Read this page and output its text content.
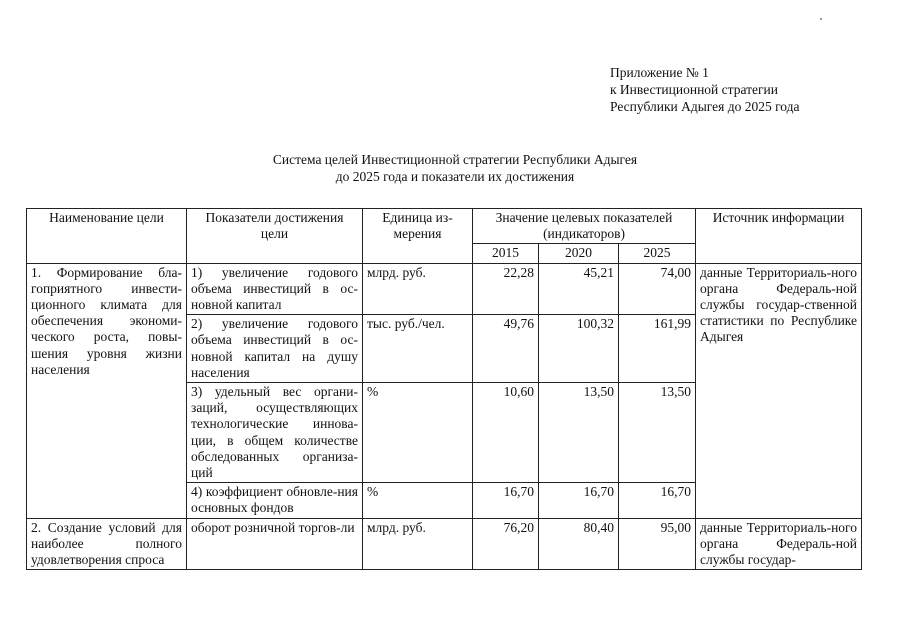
Приложение № 1
к Инвестиционной стратегии
Республики Адыгея до 2025 года
Система целей Инвестиционной стратегии Республики Адыгея
до 2025 года и показатели их достижения
Наименование цели	Показатели достижения цели	Единица из-мерения	Значение целевых показателей (индикаторов)			Источник информации
			2015	2020	2025	
1. Формирование бла-гоприятного инвести-ционного климата для обеспечения экономи-ческого роста, повы-шения уровня жизни населения	1) увеличение годового объема инвестиций в ос-новной капитал	млрд. руб.	22,28	45,21	74,00	данные Территориаль-ного органа Федераль-ной службы государ-ственной статистики по Республике Адыгея
	2) увеличение годового объема инвестиций в ос-новной капитал на душу населения	тыс. руб./чел.	49,76	100,32	161,99	
	3) удельный вес органи-заций, осуществляющих технологические иннова-ции, в общем количестве обследованных организа-ций	%	10,60	13,50	13,50	
	4) коэффициент обновле-ния основных фондов	%	16,70	16,70	16,70	
2. Создание условий для наиболее полного удовлетворения спроса	оборот розничной торгов-ли	млрд. руб.	76,20	80,40	95,00	данные Территориаль-ного органа Федераль-ной службы государ-
